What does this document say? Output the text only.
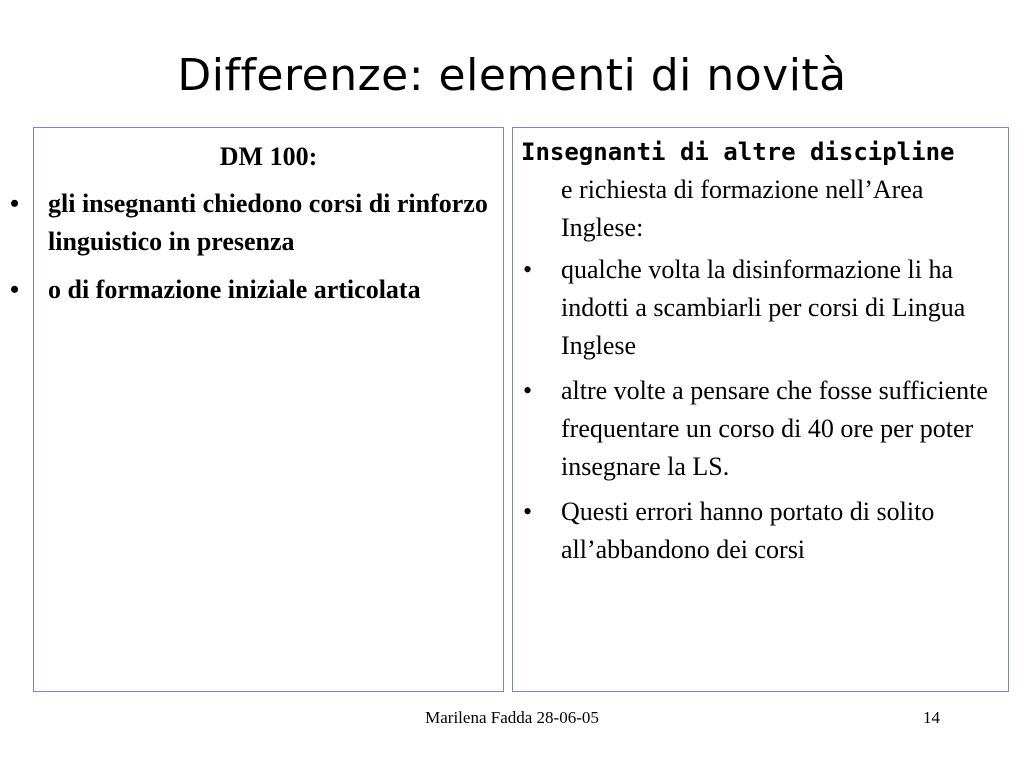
Differenze: elementi di novità
DM 100:
• gli insegnanti chiedono corsi di rinforzo linguistico in presenza
• o di formazione iniziale articolata
Insegnanti di altre discipline
e richiesta di formazione nell’Area Inglese:
• qualche volta la disinformazione li ha indotti a scambiarli per corsi di Lingua Inglese
• altre volte a pensare che fosse sufficiente frequentare un corso di 40 ore per poter insegnare la LS.
• Questi errori hanno portato di solito all’abbandono dei corsi
Marilena Fadda 28-06-05	14
